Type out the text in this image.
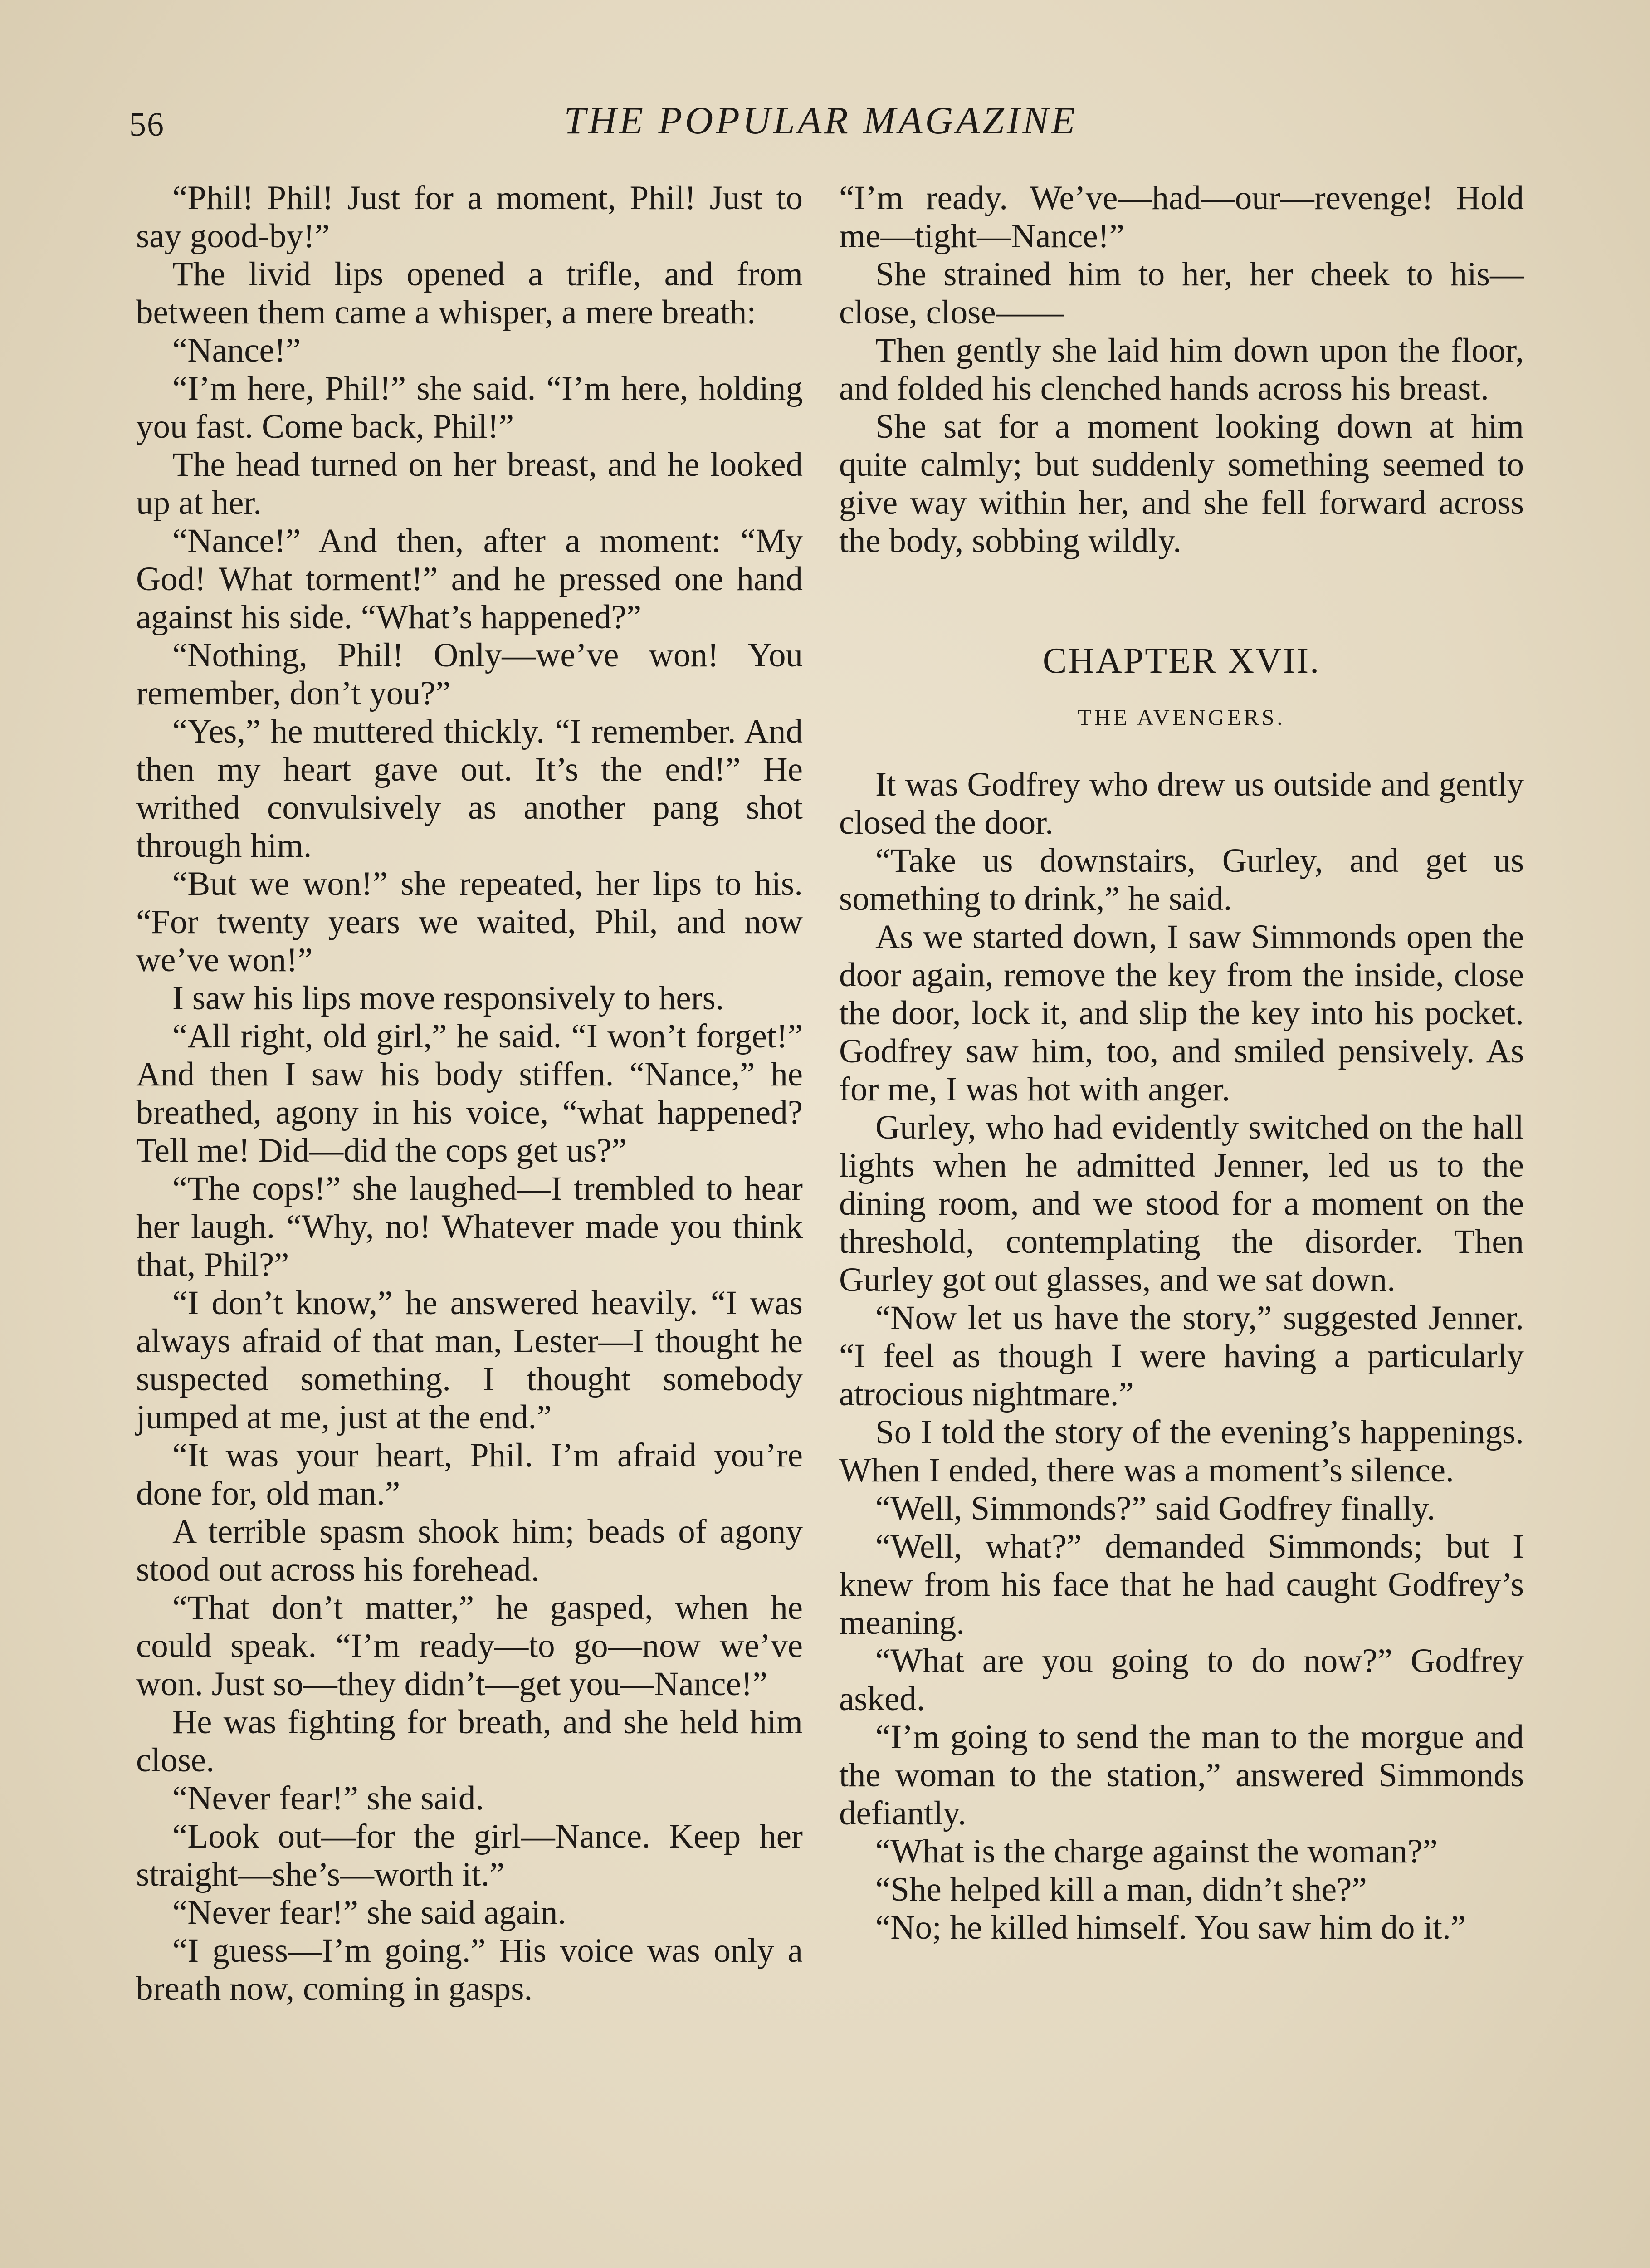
56	THE POPULAR MAGAZINE

“Phil! Phil! Just for a moment, Phil! Just to say good-by!”

The livid lips opened a trifle, and from between them came a whisper, a mere breath:

“Nance!”

“I’m here, Phil!” she said. “I’m here, holding you fast. Come back, Phil!”

The head turned on her breast, and he looked up at her.

“Nance!” And then, after a moment: “My God! What torment!” and he pressed one hand against his side. “What’s happened?”

“Nothing, Phil! Only—we’ve won! You remember, don’t you?”

“Yes,” he muttered thickly. “I remember. And then my heart gave out. It’s the end!” He writhed convulsively as another pang shot through him.

“But we won!” she repeated, her lips to his. “For twenty years we waited, Phil, and now we’ve won!”

I saw his lips move responsively to hers.

“All right, old girl,” he said. “I won’t forget!” And then I saw his body stiffen. “Nance,” he breathed, agony in his voice, “what happened? Tell me! Did—did the cops get us?”

“The cops!” she laughed—I trembled to hear her laugh. “Why, no! Whatever made you think that, Phil?”

“I don’t know,” he answered heavily. “I was always afraid of that man, Lester—I thought he suspected something. I thought somebody jumped at me, just at the end.”

“It was your heart, Phil. I’m afraid you’re done for, old man.”

A terrible spasm shook him; beads of agony stood out across his forehead.

“That don’t matter,” he gasped, when he could speak. “I’m ready—to go—now we’ve won. Just so—they didn’t—get you—Nance!”

He was fighting for breath, and she held him close.

“Never fear!” she said.

“Look out—for the girl—Nance. Keep her straight—she’s—worth it.”

“Never fear!” she said again.

“I guess—I’m going.” His voice was only a breath now, coming in gasps.

“I’m ready. We’ve—had—our—revenge! Hold me—tight—Nance!”

She strained him to her, her cheek to his—close, close——

Then gently she laid him down upon the floor, and folded his clenched hands across his breast.

She sat for a moment looking down at him quite calmly; but suddenly something seemed to give way within her, and she fell forward across the body, sobbing wildly.

CHAPTER XVII.
THE AVENGERS.

It was Godfrey who drew us outside and gently closed the door.

“Take us downstairs, Gurley, and get us something to drink,” he said.

As we started down, I saw Simmonds open the door again, remove the key from the inside, close the door, lock it, and slip the key into his pocket. Godfrey saw him, too, and smiled pensively. As for me, I was hot with anger.

Gurley, who had evidently switched on the hall lights when he admitted Jenner, led us to the dining room, and we stood for a moment on the threshold, contemplating the disorder. Then Gurley got out glasses, and we sat down.

“Now let us have the story,” suggested Jenner. “I feel as though I were having a particularly atrocious nightmare.”

So I told the story of the evening’s happenings. When I ended, there was a moment’s silence.

“Well, Simmonds?” said Godfrey finally.

“Well, what?” demanded Simmonds; but I knew from his face that he had caught Godfrey’s meaning.

“What are you going to do now?” Godfrey asked.

“I’m going to send the man to the morgue and the woman to the station,” answered Simmonds defiantly.

“What is the charge against the woman?”

“She helped kill a man, didn’t she?”

“No; he killed himself. You saw him do it.”
